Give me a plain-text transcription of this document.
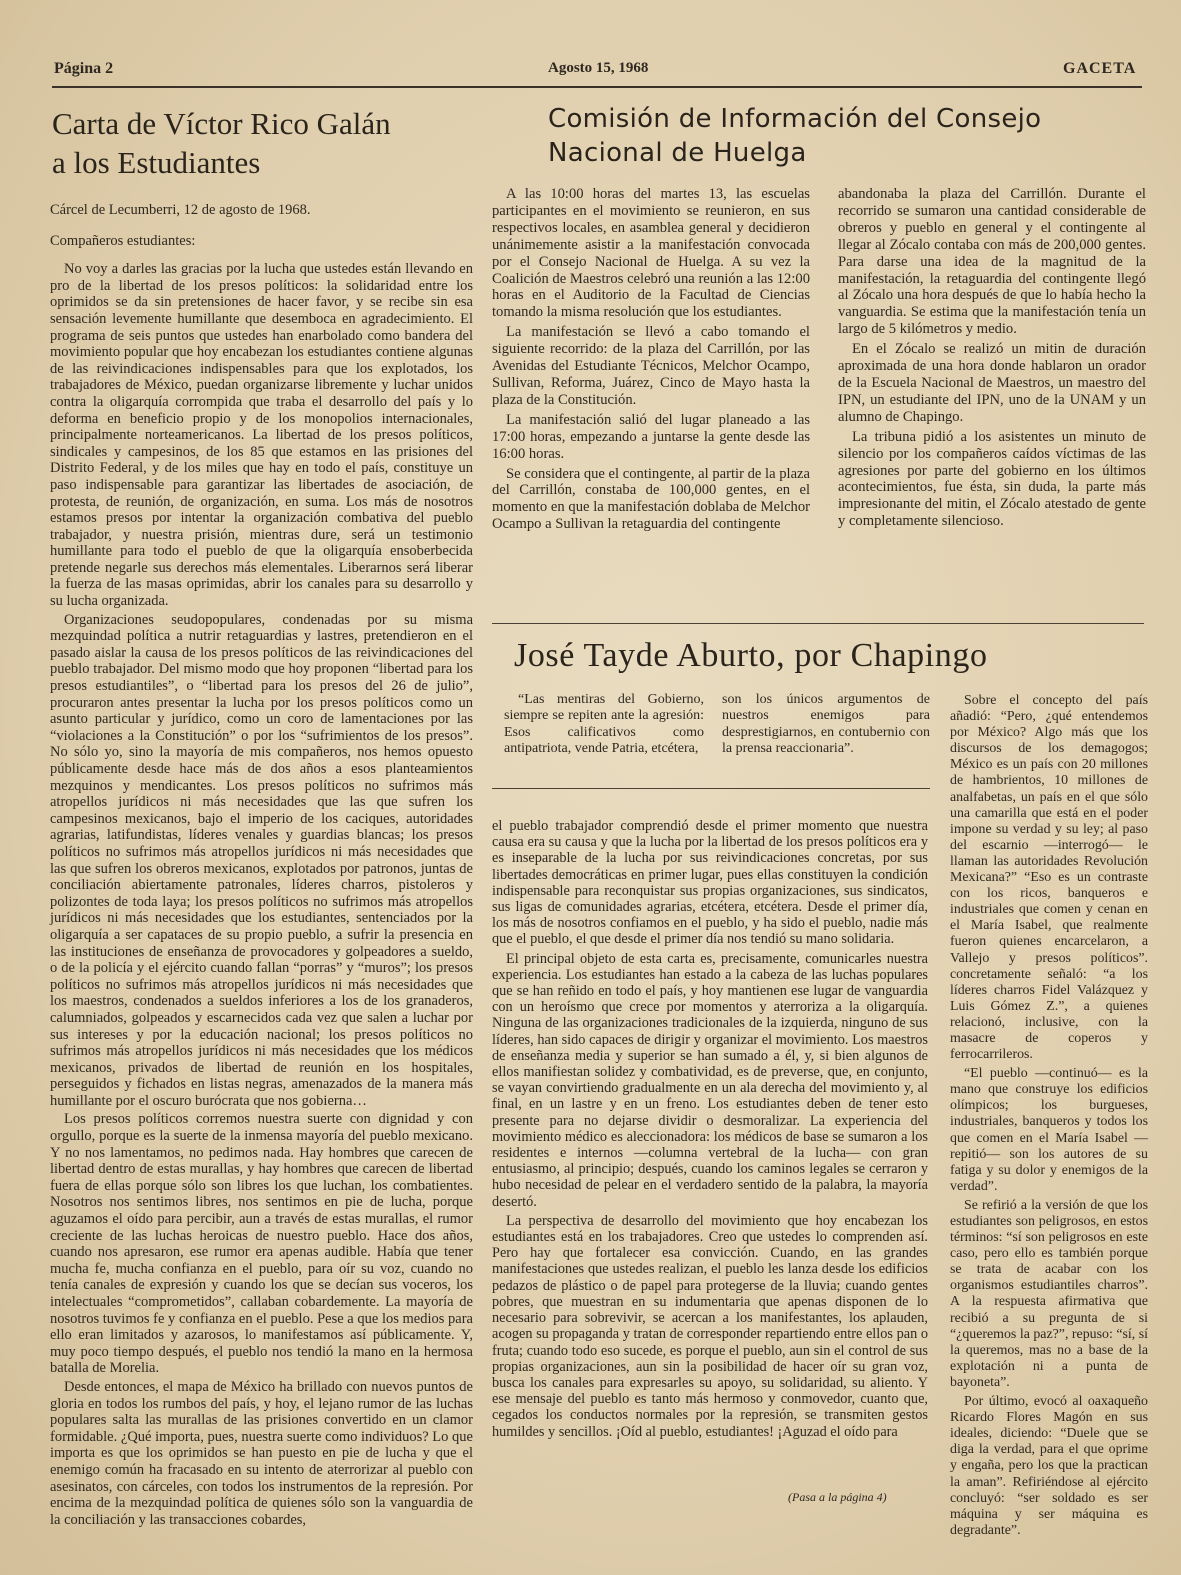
Página 2	Agosto 15, 1968	GACETA
Carta de Víctor Rico Galán
a los Estudiantes

Cárcel de Lecumberri, 12 de agosto de 1968.

Compañeros estudiantes:

No voy a darles las gracias por la lucha que ustedes están llevando en pro de la libertad de los presos políticos: la solidaridad entre los oprimidos se da sin pretensiones de hacer favor, y se recibe sin esa sensación levemente humillante que desemboca en agradecimiento. El programa de seis puntos que ustedes han enarbolado como bandera del movimiento popular que hoy encabezan los estudiantes contiene algunas de las reivindicaciones indispensables para que los explotados, los trabajadores de México, puedan organizarse libremente y luchar unidos contra la oligarquía corrompida que traba el desarrollo del país y lo deforma en beneficio propio y de los monopolios internacionales, principalmente norteamericanos. La libertad de los presos políticos, sindicales y campesinos, de los 85 que estamos en las prisiones del Distrito Federal, y de los miles que hay en todo el país, constituye un paso indispensable para garantizar las libertades de asociación, de protesta, de reunión, de organización, en suma. Los más de nosotros estamos presos por intentar la organización combativa del pueblo trabajador, y nuestra prisión, mientras dure, será un testimonio humillante para todo el pueblo de que la oligarquía ensoberbecida pretende negarle sus derechos más elementales. Liberarnos será liberar la fuerza de las masas oprimidas, abrir los canales para su desarrollo y su lucha organizada.

Organizaciones seudopopulares, condenadas por su misma mezquindad política a nutrir retaguardias y lastres, pretendieron en el pasado aislar la causa de los presos políticos de las reivindicaciones del pueblo trabajador. Del mismo modo que hoy proponen “libertad para los presos estudiantiles”, o “libertad para los presos del 26 de julio”, procuraron antes presentar la lucha por los presos políticos como un asunto particular y jurídico, como un coro de lamentaciones por las “violaciones a la Constitución” o por los “sufrimientos de los presos”. No sólo yo, sino la mayoría de mis compañeros, nos hemos opuesto públicamente desde hace más de dos años a esos planteamientos mezquinos y mendicantes. Los presos políticos no sufrimos más atropellos jurídicos ni más necesidades que las que sufren los campesinos mexicanos, bajo el imperio de los caciques, autoridades agrarias, latifundistas, líderes venales y guardias blancas; los presos políticos no sufrimos más atropellos jurídicos ni más necesidades que las que sufren los obreros mexicanos, explotados por patronos, juntas de conciliación abiertamente patronales, líderes charros, pistoleros y polizontes de toda laya; los presos políticos no sufrimos más atropellos jurídicos ni más necesidades que los estudiantes, sentenciados por la oligarquía a ser capataces de su propio pueblo, a sufrir la presencia en las instituciones de enseñanza de provocadores y golpeadores a sueldo, o de la policía y el ejército cuando fallan “porras” y “muros”; los presos políticos no sufrimos más atropellos jurídicos ni más necesidades que los maestros, condenados a sueldos inferiores a los de los granaderos, calumniados, golpeados y escarnecidos cada vez que salen a luchar por sus intereses y por la educación nacional; los presos políticos no sufrimos más atropellos jurídicos ni más necesidades que los médicos mexicanos, privados de libertad de reunión en los hospitales, perseguidos y fichados en listas negras, amenazados de la manera más humillante por el oscuro burócrata que nos gobierna…

Los presos políticos corremos nuestra suerte con dignidad y con orgullo, porque es la suerte de la inmensa mayoría del pueblo mexicano. Y no nos lamentamos, no pedimos nada. Hay hombres que carecen de libertad dentro de estas murallas, y hay hombres que carecen de libertad fuera de ellas porque sólo son libres los que luchan, los combatientes. Nosotros nos sentimos libres, nos sentimos en pie de lucha, porque aguzamos el oído para percibir, aun a través de estas murallas, el rumor creciente de las luchas heroicas de nuestro pueblo. Hace dos años, cuando nos apresaron, ese rumor era apenas audible. Había que tener mucha fe, mucha confianza en el pueblo, para oír su voz, cuando no tenía canales de expresión y cuando los que se decían sus voceros, los intelectuales “comprometidos”, callaban cobardemente. La mayoría de nosotros tuvimos fe y confianza en el pueblo. Pese a que los medios para ello eran limitados y azarosos, lo manifestamos así públicamente. Y, muy poco tiempo después, el pueblo nos tendió la mano en la hermosa batalla de Morelia.

Desde entonces, el mapa de México ha brillado con nuevos puntos de gloria en todos los rumbos del país, y hoy, el lejano rumor de las luchas populares salta las murallas de las prisiones convertido en un clamor formidable. ¿Qué importa, pues, nuestra suerte como individuos? Lo que importa es que los oprimidos se han puesto en pie de lucha y que el enemigo común ha fracasado en su intento de aterrorizar al pueblo con asesinatos, con cárceles, con todos los instrumentos de la represión. Por encima de la mezquindad política de quienes sólo son la vanguardia de la conciliación y las transacciones cobardes,

Comisión de Información del Consejo
Nacional de Huelga

A las 10:00 horas del martes 13, las escuelas participantes en el movimiento se reunieron, en sus respectivos locales, en asamblea general y decidieron unánimemente asistir a la manifestación convocada por el Consejo Nacional de Huelga. A su vez la Coalición de Maestros celebró una reunión a las 12:00 horas en el Auditorio de la Facultad de Ciencias tomando la misma resolución que los estudiantes.

La manifestación se llevó a cabo tomando el siguiente recorrido: de la plaza del Carrillón, por las Avenidas del Estudiante Técnicos, Melchor Ocampo, Sullivan, Reforma, Juárez, Cinco de Mayo hasta la plaza de la Constitución.

La manifestación salió del lugar planeado a las 17:00 horas, empezando a juntarse la gente desde las 16:00 horas.

Se considera que el contingente, al partir de la plaza del Carrillón, constaba de 100,000 gentes, en el momento en que la manifestación doblaba de Melchor Ocampo a Sullivan la retaguardia del contingente

abandonaba la plaza del Carrillón. Durante el recorrido se sumaron una cantidad considerable de obreros y pueblo en general y el contingente al llegar al Zócalo contaba con más de 200,000 gentes. Para darse una idea de la magnitud de la manifestación, la retaguardia del contingente llegó al Zócalo una hora después de que lo había hecho la vanguardia. Se estima que la manifestación tenía un largo de 5 kilómetros y medio.

En el Zócalo se realizó un mitin de duración aproximada de una hora donde hablaron un orador de la Escuela Nacional de Maestros, un maestro del IPN, un estudiante del IPN, uno de la UNAM y un alumno de Chapingo.

La tribuna pidió a los asistentes un minuto de silencio por los compañeros caídos víctimas de las agresiones por parte del gobierno en los últimos acontecimientos, fue ésta, sin duda, la parte más impresionante del mitin, el Zócalo atestado de gente y completamente silencioso.

José Tayde Aburto, por Chapingo

“Las mentiras del Gobierno, siempre se repiten ante la agresión: Esos calificativos como antipatriota, vende Patria, etcétera,

son los únicos argumentos de nuestros enemigos para desprestigiarnos, en contubernio con la prensa reaccionaria”.

el pueblo trabajador comprendió desde el primer momento que nuestra causa era su causa y que la lucha por la libertad de los presos políticos era y es inseparable de la lucha por sus reivindicaciones concretas, por sus libertades democráticas en primer lugar, pues ellas constituyen la condición indispensable para reconquistar sus propias organizaciones, sus sindicatos, sus ligas de comunidades agrarias, etcétera, etcétera. Desde el primer día, los más de nosotros confiamos en el pueblo, y ha sido el pueblo, nadie más que el pueblo, el que desde el primer día nos tendió su mano solidaria.

El principal objeto de esta carta es, precisamente, comunicarles nuestra experiencia. Los estudiantes han estado a la cabeza de las luchas populares que se han reñido en todo el país, y hoy mantienen ese lugar de vanguardia con un heroísmo que crece por momentos y aterroriza a la oligarquía. Ninguna de las organizaciones tradicionales de la izquierda, ninguno de sus líderes, han sido capaces de dirigir y organizar el movimiento. Los maestros de enseñanza media y superior se han sumado a él, y, si bien algunos de ellos manifiestan solidez y combatividad, es de preverse, que, en conjunto, se vayan convirtiendo gradualmente en un ala derecha del movimiento y, al final, en un lastre y en un freno. Los estudiantes deben de tener esto presente para no dejarse dividir o desmoralizar. La experiencia del movimiento médico es aleccionadora: los médicos de base se sumaron a los residentes e internos —columna vertebral de la lucha— con gran entusiasmo, al principio; después, cuando los caminos legales se cerraron y hubo necesidad de pelear en el verdadero sentido de la palabra, la mayoría desertó.

La perspectiva de desarrollo del movimiento que hoy encabezan los estudiantes está en los trabajadores. Creo que ustedes lo comprenden así. Pero hay que fortalecer esa convicción. Cuando, en las grandes manifestaciones que ustedes realizan, el pueblo les lanza desde los edificios pedazos de plástico o de papel para protegerse de la lluvia; cuando gentes pobres, que muestran en su indumentaria que apenas disponen de lo necesario para sobrevivir, se acercan a los manifestantes, los aplauden, acogen su propaganda y tratan de corresponder repartiendo entre ellos pan o fruta; cuando todo eso sucede, es porque el pueblo, aun sin el control de sus propias organizaciones, aun sin la posibilidad de hacer oír su gran voz, busca los canales para expresarles su apoyo, su solidaridad, su aliento. Y ese mensaje del pueblo es tanto más hermoso y conmovedor, cuanto que, cegados los conductos normales por la represión, se transmiten gestos humildes y sencillos. ¡Oíd al pueblo, estudiantes! ¡Aguzad el oído para

(Pasa a la página 4)

Sobre el concepto del país añadió: “Pero, ¿qué entendemos por México? Algo más que los discursos de los demagogos; México es un país con 20 millones de hambrientos, 10 millones de analfabetas, un país en el que sólo una camarilla que está en el poder impone su verdad y su ley; al paso del escarnio —interrogó— le llaman las autoridades Revolución Mexicana?” “Eso es un contraste con los ricos, banqueros e industriales que comen y cenan en el María Isabel, que realmente fueron quienes encarcelaron, a Vallejo y presos políticos”. concretamente señaló: “a los líderes charros Fidel Valázquez y Luis Gómez Z.”, a quienes relacionó, inclusive, con la masacre de coperos y ferrocarrileros.

“El pueblo —continuó— es la mano que construye los edificios olímpicos; los burgueses, industriales, banqueros y todos los que comen en el María Isabel —repitió— son los autores de su fatiga y su dolor y enemigos de la verdad”.

Se refirió a la versión de que los estudiantes son peligrosos, en estos términos: “sí son peligrosos en este caso, pero ello es también porque se trata de acabar con los organismos estudiantiles charros”. A la respuesta afirmativa que recibió a su pregunta de si “¿queremos la paz?”, repuso: “sí, sí la queremos, mas no a base de la explotación ni a punta de bayoneta”.

Por último, evocó al oaxaqueño Ricardo Flores Magón en sus ideales, diciendo: “Duele que se diga la verdad, para el que oprime y engaña, pero los que la practican la aman”. Refiriéndose al ejército concluyó: “ser soldado es ser máquina y ser máquina es degradante”.
